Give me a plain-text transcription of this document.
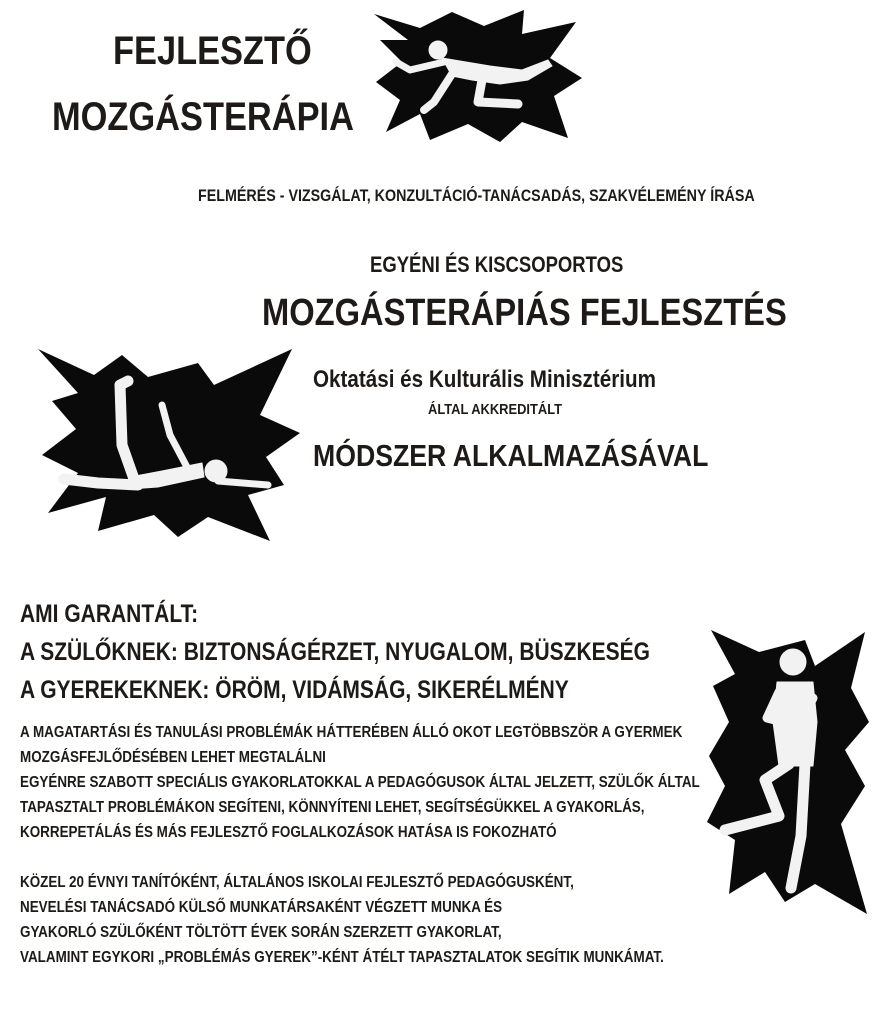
FEJLESZTŐ
MOZGÁSTERÁPIA

FELMÉRÉS - VIZSGÁLAT, KONZULTÁCIÓ-TANÁCSADÁS, SZAKVÉLEMÉNY ÍRÁSA

EGYÉNI ÉS KISCSOPORTOS

MOZGÁSTERÁPIÁS FEJLESZTÉS

Oktatási és Kulturális Minisztérium

ÁLTAL AKKREDITÁLT

MÓDSZER ALKALMAZÁSÁVAL

AMI GARANTÁLT:

A SZÜLŐKNEK: BIZTONSÁGÉRZET, NYUGALOM, BÜSZKESÉG

A GYEREKEKNEK: ÖRÖM, VIDÁMSÁG, SIKERÉLMÉNY

A MAGATARTÁSI ÉS TANULÁSI PROBLÉMÁK HÁTTERÉBEN ÁLLÓ OKOT LEGTÖBBSZÖR A GYERMEK
MOZGÁSFEJLŐDÉSÉBEN LEHET MEGTALÁLNI
EGYÉNRE SZABOTT SPECIÁLIS GYAKORLATOKKAL A PEDAGÓGUSOK ÁLTAL JELZETT, SZÜLŐK ÁLTAL
TAPASZTALT PROBLÉMÁKON SEGÍTENI, KÖNNYÍTENI LEHET, SEGÍTSÉGÜKKEL A GYAKORLÁS,
KORREPETÁLÁS ÉS MÁS FEJLESZTŐ FOGLALKOZÁSOK HATÁSA IS FOKOZHATÓ
KÖZEL 20 ÉVNYI TANÍTÓKÉNT, ÁLTALÁNOS ISKOLAI FEJLESZTŐ PEDAGÓGUSKÉNT,
NEVELÉSI TANÁCSADÓ KÜLSŐ MUNKATÁRSAKÉNT VÉGZETT MUNKA ÉS
GYAKORLÓ SZÜLŐKÉNT TÖLTÖTT ÉVEK SORÁN SZERZETT GYAKORLAT,
VALAMINT EGYKORI „PROBLÉMÁS GYEREK”-KÉNT ÁTÉLT TAPASZTALATOK SEGÍTIK MUNKÁMAT.
